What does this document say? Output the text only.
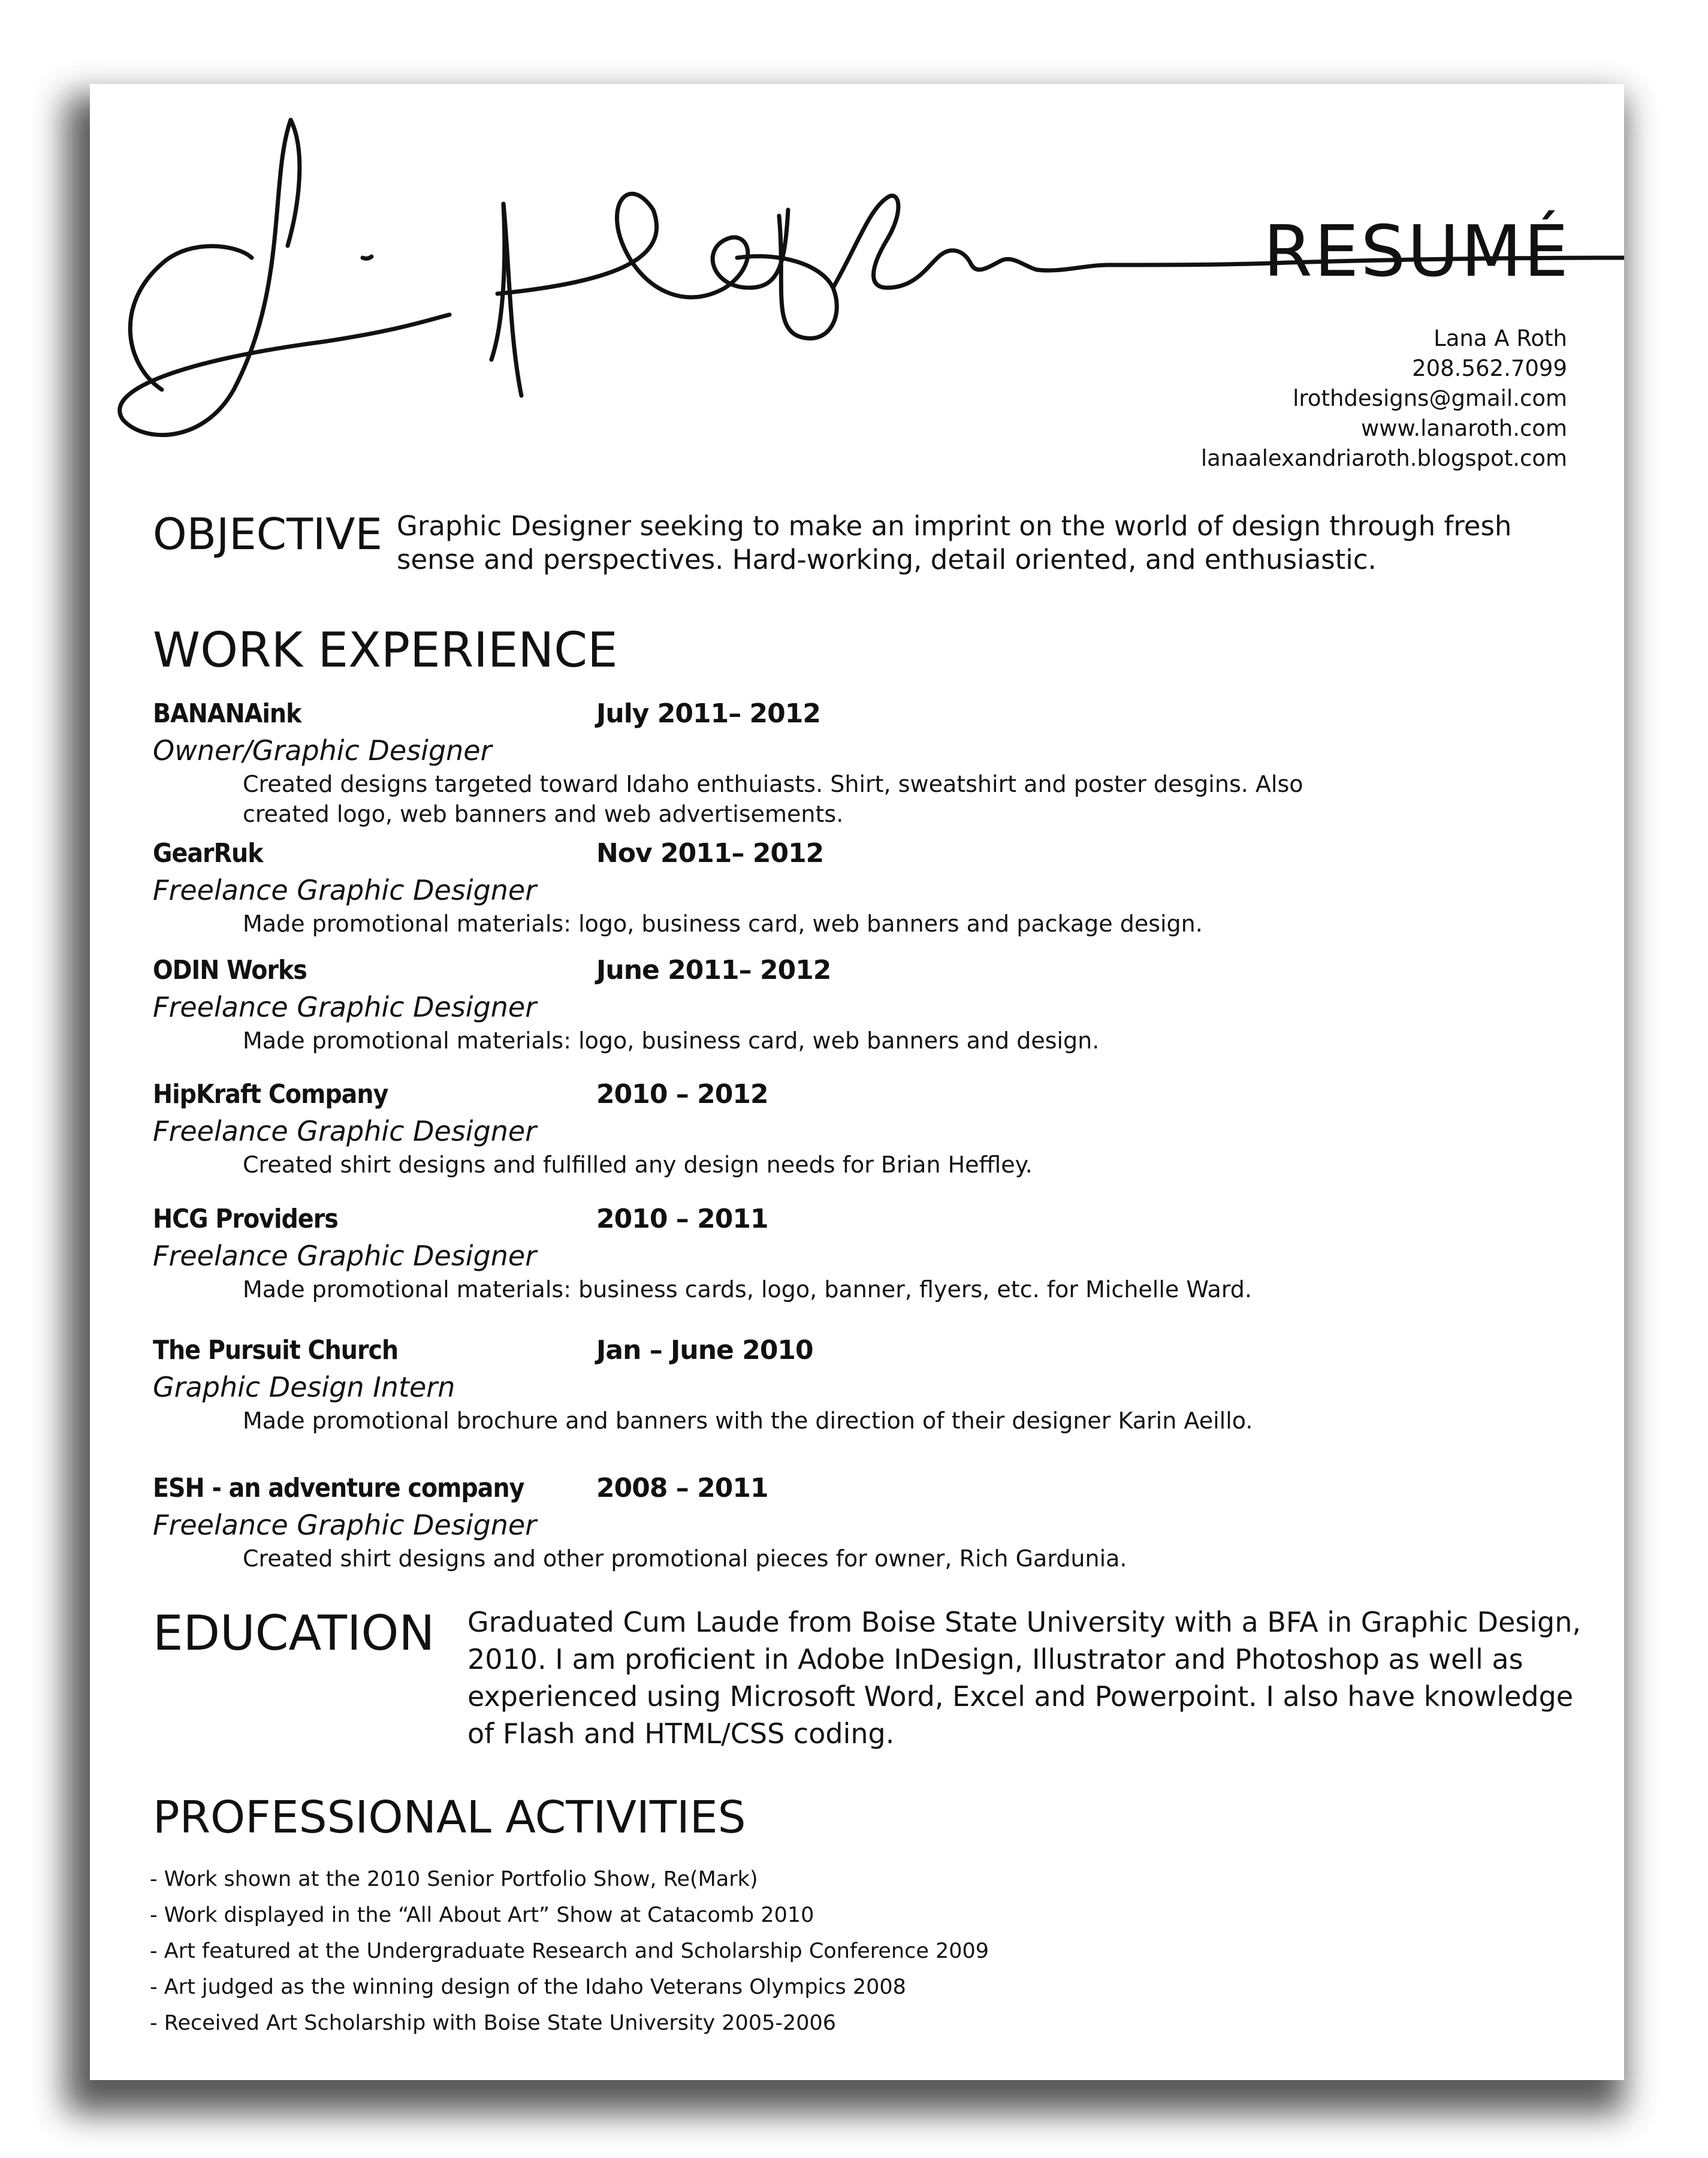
RESUMÉ
Lana A Roth
208.562.7099
lrothdesigns@gmail.com
www.lanaroth.com
lanaalexandriaroth.blogspot.com
OBJECTIVE Graphic Designer seeking to make an imprint on the world of design through fresh sense and perspectives. Hard-working, detail oriented, and enthusiastic.
WORK EXPERIENCE
BANANAink	July 2011– 2012
Owner/Graphic Designer
Created designs targeted toward Idaho enthuiasts. Shirt, sweatshirt and poster desgins. Also created logo, web banners and web advertisements.
GearRuk	Nov 2011– 2012
Freelance Graphic Designer
Made promotional materials: logo, business card, web banners and package design.
ODIN Works	June 2011– 2012
Freelance Graphic Designer
Made promotional materials: logo, business card, web banners and design.
HipKraft Company	2010 – 2012
Freelance Graphic Designer
Created shirt designs and fulfilled any design needs for Brian Heffley.
HCG Providers	2010 – 2011
Freelance Graphic Designer
Made promotional materials: business cards, logo, banner, flyers, etc. for Michelle Ward.
The Pursuit Church	Jan – June 2010
Graphic Design Intern
Made promotional brochure and banners with the direction of their designer Karin Aeillo.
ESH - an adventure company	2008 – 2011
Freelance Graphic Designer
Created shirt designs and other promotional pieces for owner, Rich Gardunia.
EDUCATION Graduated Cum Laude from Boise State University with a BFA in Graphic Design, 2010. I am proficient in Adobe InDesign, Illustrator and Photoshop as well as experienced using Microsoft Word, Excel and Powerpoint. I also have knowledge of Flash and HTML/CSS coding.
PROFESSIONAL ACTIVITIES
- Work shown at the 2010 Senior Portfolio Show, Re(Mark)
- Work displayed in the “All About Art” Show at Catacomb 2010
- Art featured at the Undergraduate Research and Scholarship Conference 2009
- Art judged as the winning design of the Idaho Veterans Olympics 2008
- Received Art Scholarship with Boise State University 2005-2006
